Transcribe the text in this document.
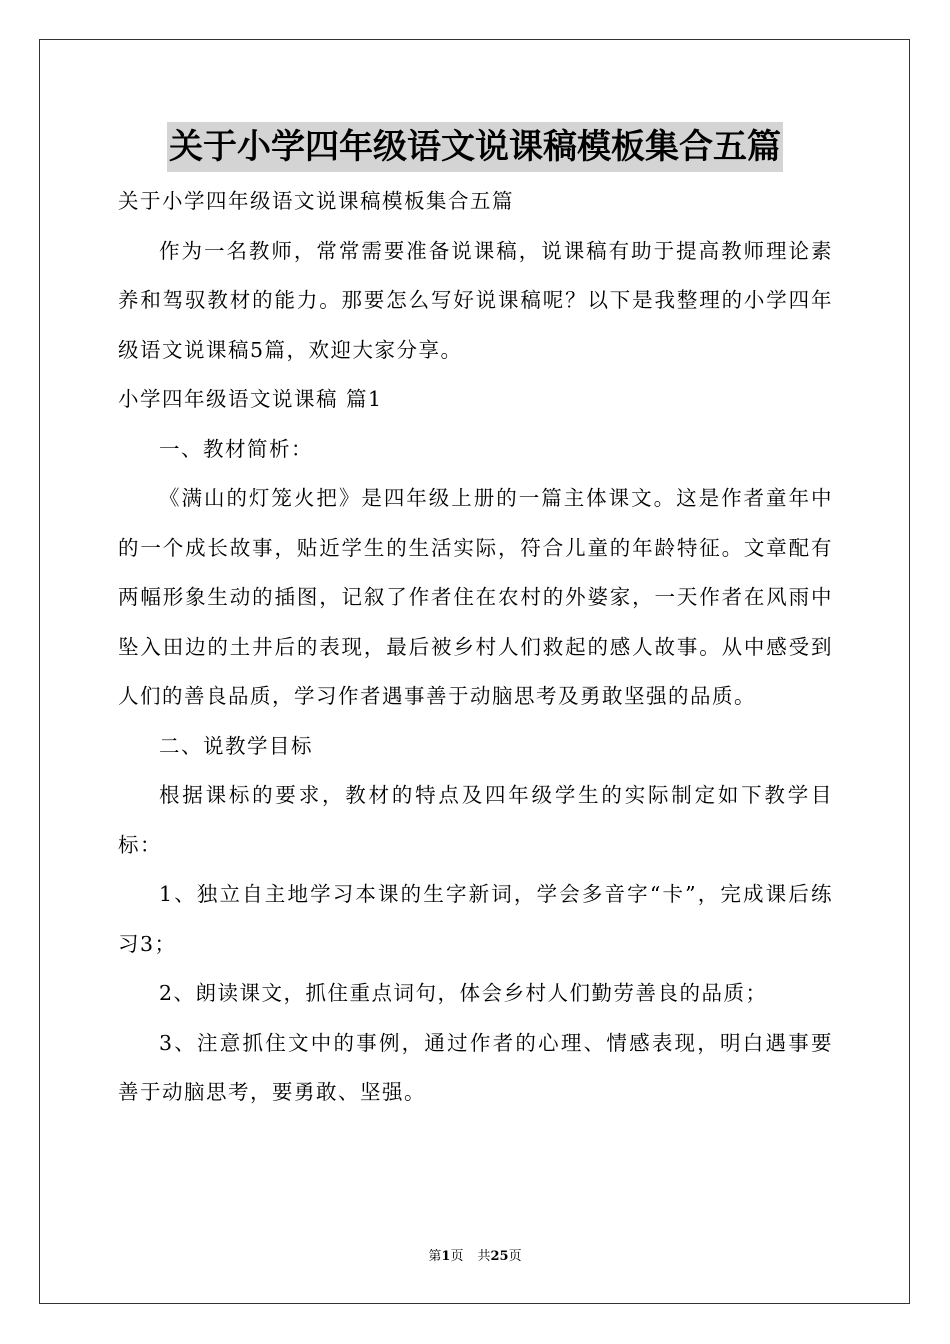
关于小学四年级语文说课稿模板集合五篇

关于小学四年级语文说课稿模板集合五篇

作为一名教师，常常需要准备说课稿，说课稿有助于提高教师理论素养和驾驭教材的能力。那要怎么写好说课稿呢？以下是我整理的小学四年级语文说课稿5篇，欢迎大家分享。

小学四年级语文说课稿 篇1

一、教材简析：

《满山的灯笼火把》是四年级上册的一篇主体课文。这是作者童年中的一个成长故事，贴近学生的生活实际，符合儿童的年龄特征。文章配有两幅形象生动的插图，记叙了作者住在农村的外婆家，一天作者在风雨中坠入田边的土井后的表现，最后被乡村人们救起的感人故事。从中感受到人们的善良品质，学习作者遇事善于动脑思考及勇敢坚强的品质。

二、说教学目标

根据课标的要求，教材的特点及四年级学生的实际制定如下教学目标：

1、独立自主地学习本课的生字新词，学会多音字“卡”，完成课后练习3；

2、朗读课文，抓住重点词句，体会乡村人们勤劳善良的品质；

3、注意抓住文中的事例，通过作者的心理、情感表现，明白遇事要善于动脑思考，要勇敢、坚强。

第1页 共25页
